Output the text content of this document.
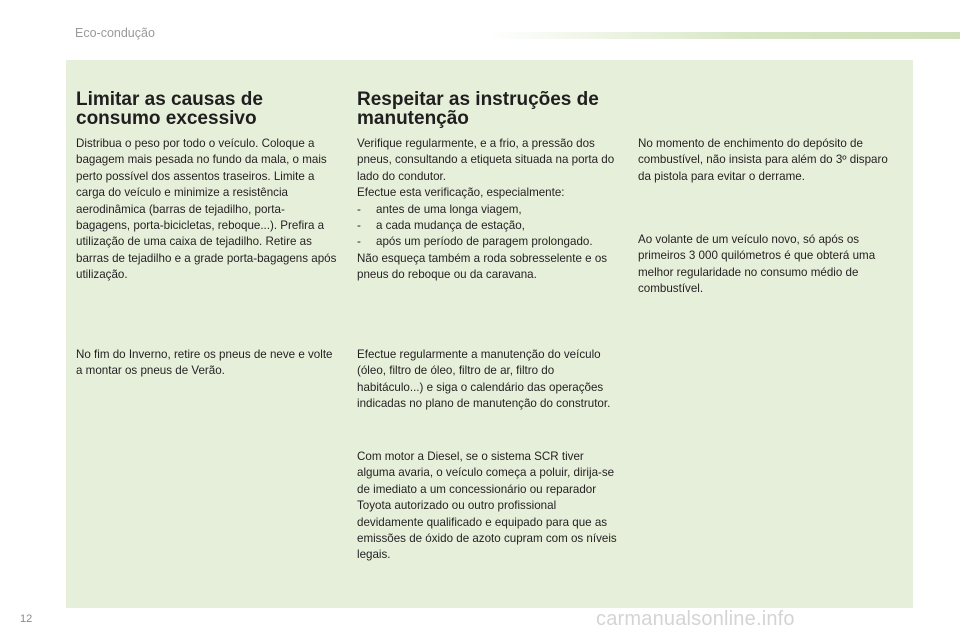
Eco-condução
Limitar as causas de
consumo excessivo

Distribua o peso por todo o veículo. Coloque a bagagem mais pesada no fundo da mala, o mais perto possível dos assentos traseiros. Limite a carga do veículo e minimize a resistência aerodinâmica (barras de tejadilho, porta-bagagens, porta-bicicletas, reboque...). Prefira a utilização de uma caixa de tejadilho. Retire as barras de tejadilho e a grade porta-bagagens após utilização.

No fim do Inverno, retire os pneus de neve e volte a montar os pneus de Verão.

Respeitar as instruções de
manutenção

Verifique regularmente, e a frio, a pressão dos pneus, consultando a etiqueta situada na porta do lado do condutor.

Efectue esta verificação, especialmente:

- antes de uma longa viagem,
- a cada mudança de estação,
- após um período de paragem prolongado.

Não esqueça também a roda sobresselente e os pneus do reboque ou da caravana.

Efectue regularmente a manutenção do veículo (óleo, filtro de óleo, filtro de ar, filtro do habitáculo...) e siga o calendário das operações indicadas no plano de manutenção do construtor.

Com motor a Diesel, se o sistema SCR tiver alguma avaria, o veículo começa a poluir, dirija-se de imediato a um concessionário ou reparador Toyota autorizado ou outro profissional devidamente qualificado e equipado para que as emissões de óxido de azoto cupram com os níveis legais.

No momento de enchimento do depósito de combustível, não insista para além do 3º disparo da pistola para evitar o derrame.

Ao volante de um veículo novo, só após os primeiros 3 000 quilómetros é que obterá uma melhor regularidade no consumo médio de combustível.

12	carmanualsonline.info
